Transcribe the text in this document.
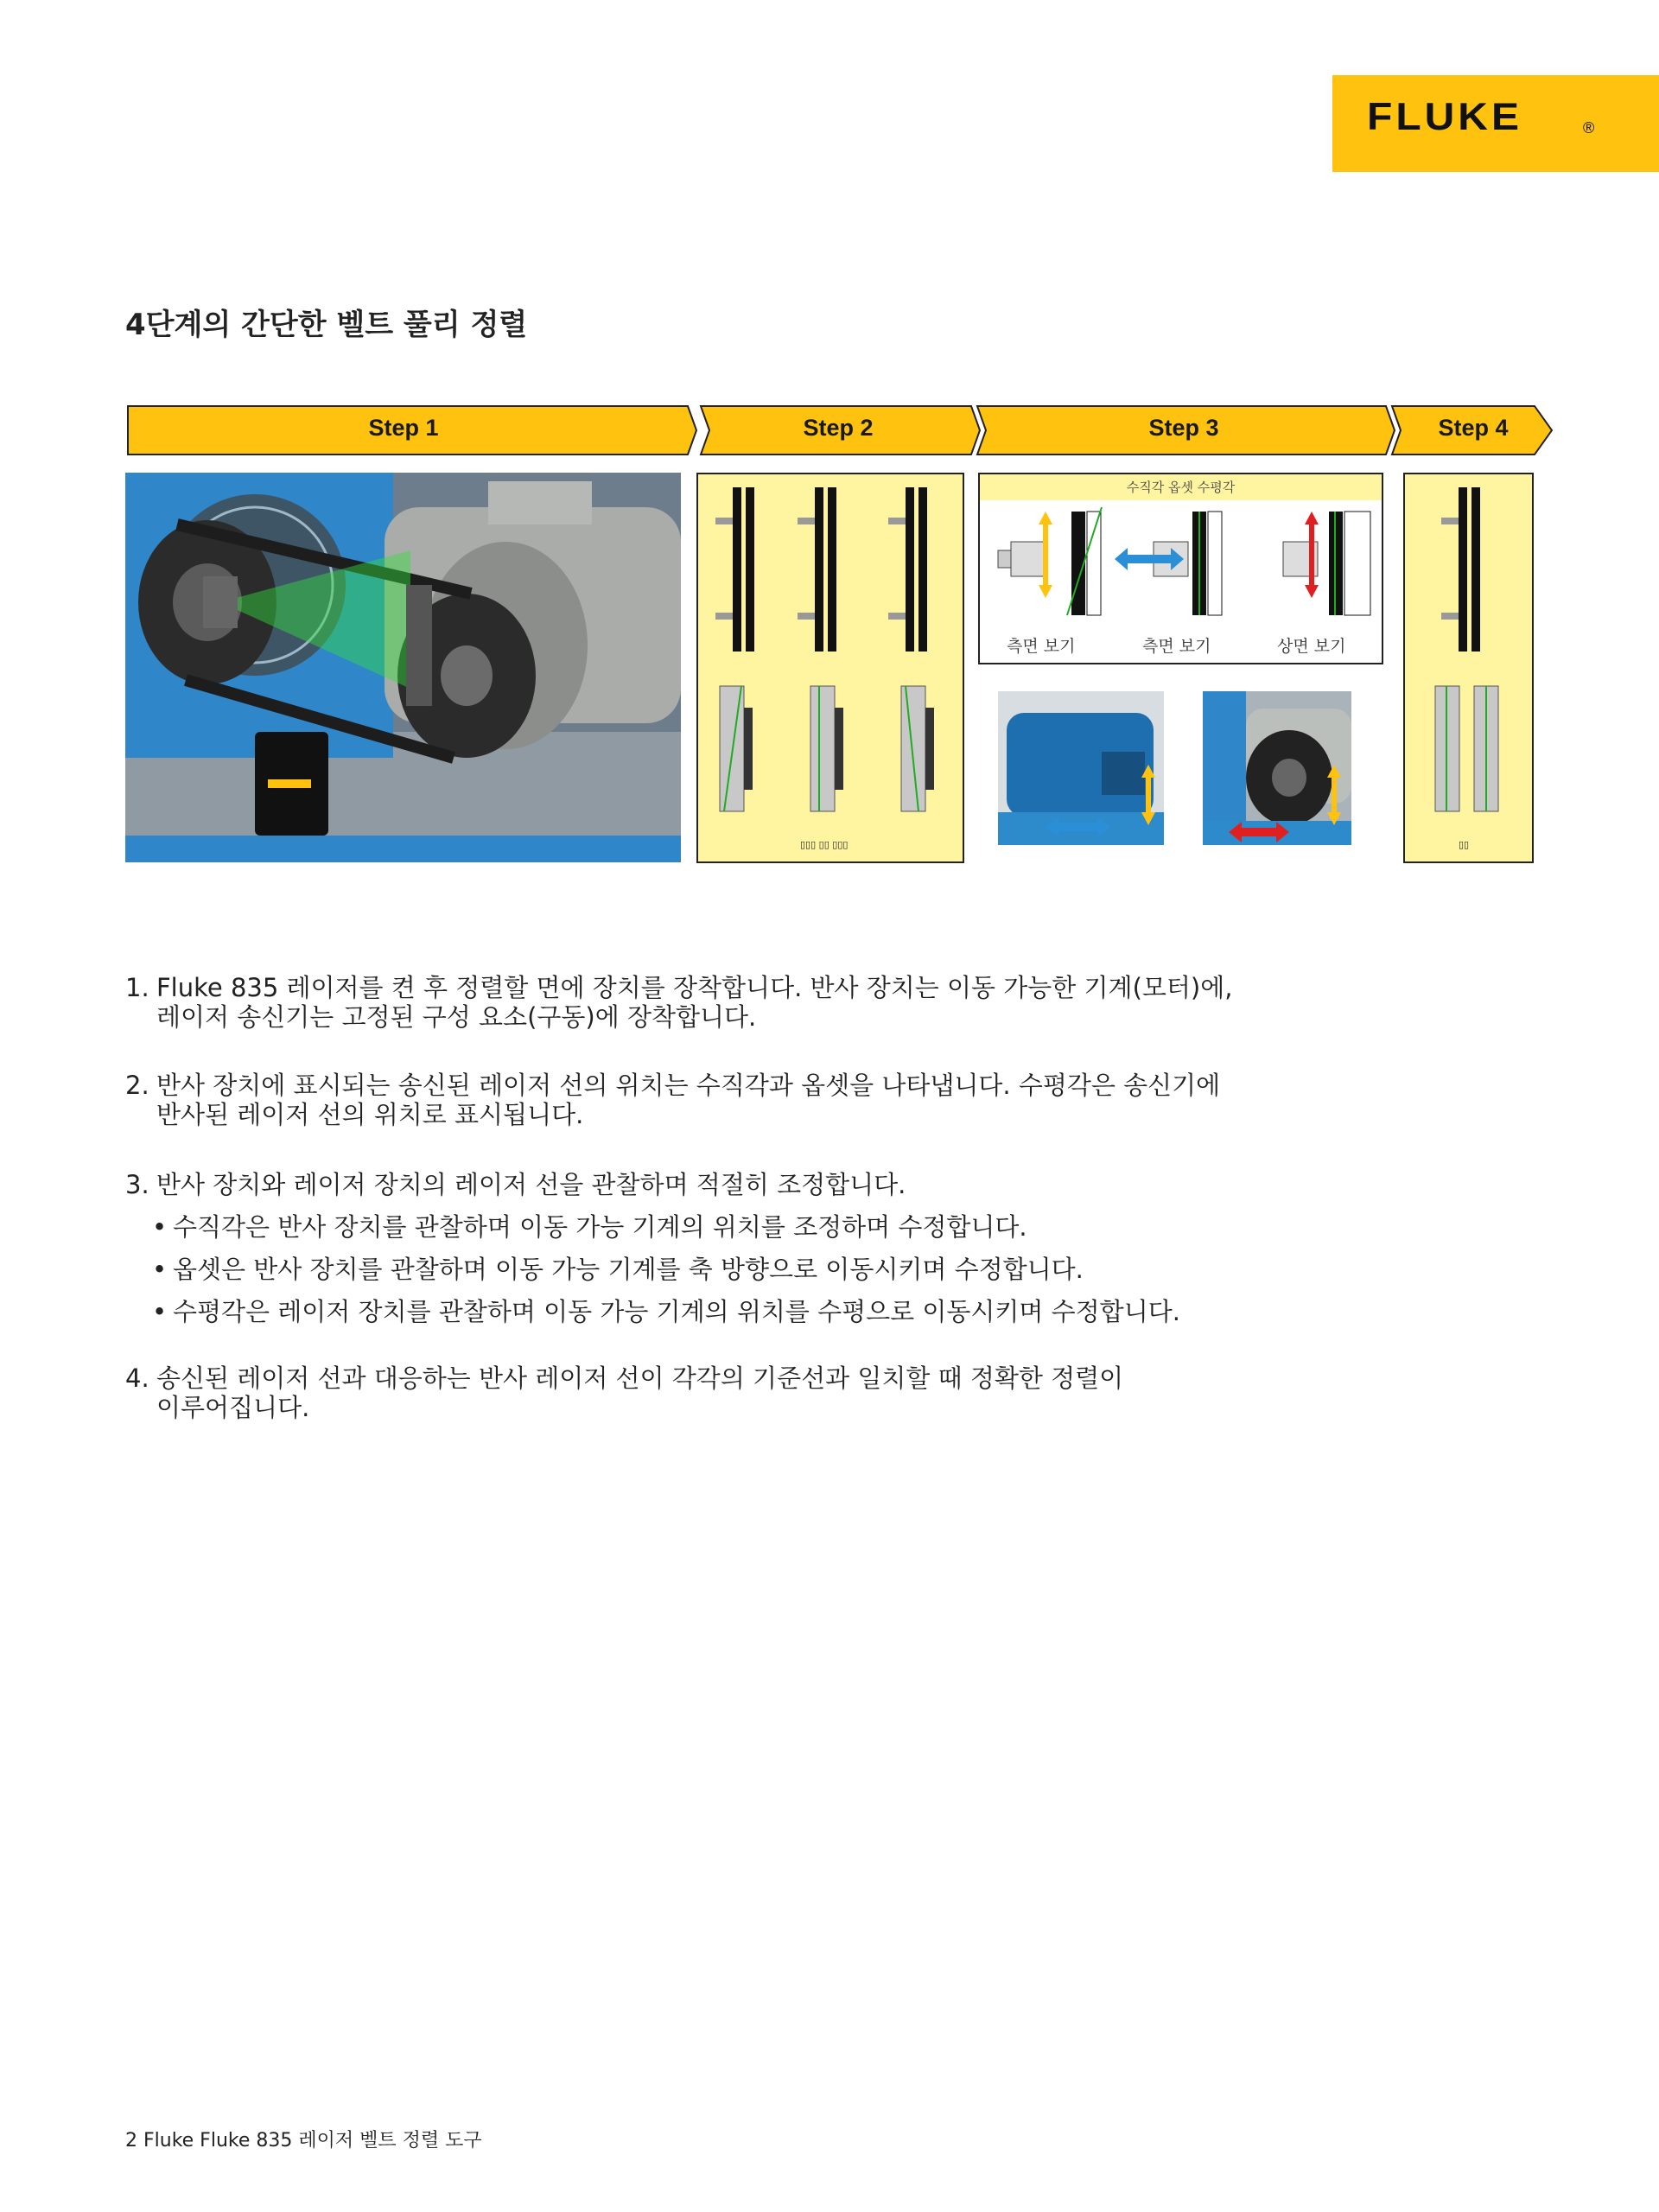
FLUKE	®
4단계의 간단한 벨트 풀리 정렬
Step 1	Step 2	Step 3	Step 4
▯▯▯ ▯▯ ▯▯▯
수직각 옵셋 수평각
측면 보기	측면 보기	상면 보기
▯▯
1. Fluke 835 레이저를 켠 후 정렬할 면에 장치를 장착합니다. 반사 장치는 이동 가능한 기계(모터)에,
레이저 송신기는 고정된 구성 요소(구동)에 장착합니다.
2. 반사 장치에 표시되는 송신된 레이저 선의 위치는 수직각과 옵셋을 나타냅니다. 수평각은 송신기에
반사된 레이저 선의 위치로 표시됩니다.
3. 반사 장치와 레이저 장치의 레이저 선을 관찰하며 적절히 조정합니다.
• 수직각은 반사 장치를 관찰하며 이동 가능 기계의 위치를 조정하며 수정합니다.
• 옵셋은 반사 장치를 관찰하며 이동 가능 기계를 축 방향으로 이동시키며 수정합니다.
• 수평각은 레이저 장치를 관찰하며 이동 가능 기계의 위치를 수평으로 이동시키며 수정합니다.
4. 송신된 레이저 선과 대응하는 반사 레이저 선이 각각의 기준선과 일치할 때 정확한 정렬이
이루어집니다.
2 Fluke Fluke 835 레이저 벨트 정렬 도구
